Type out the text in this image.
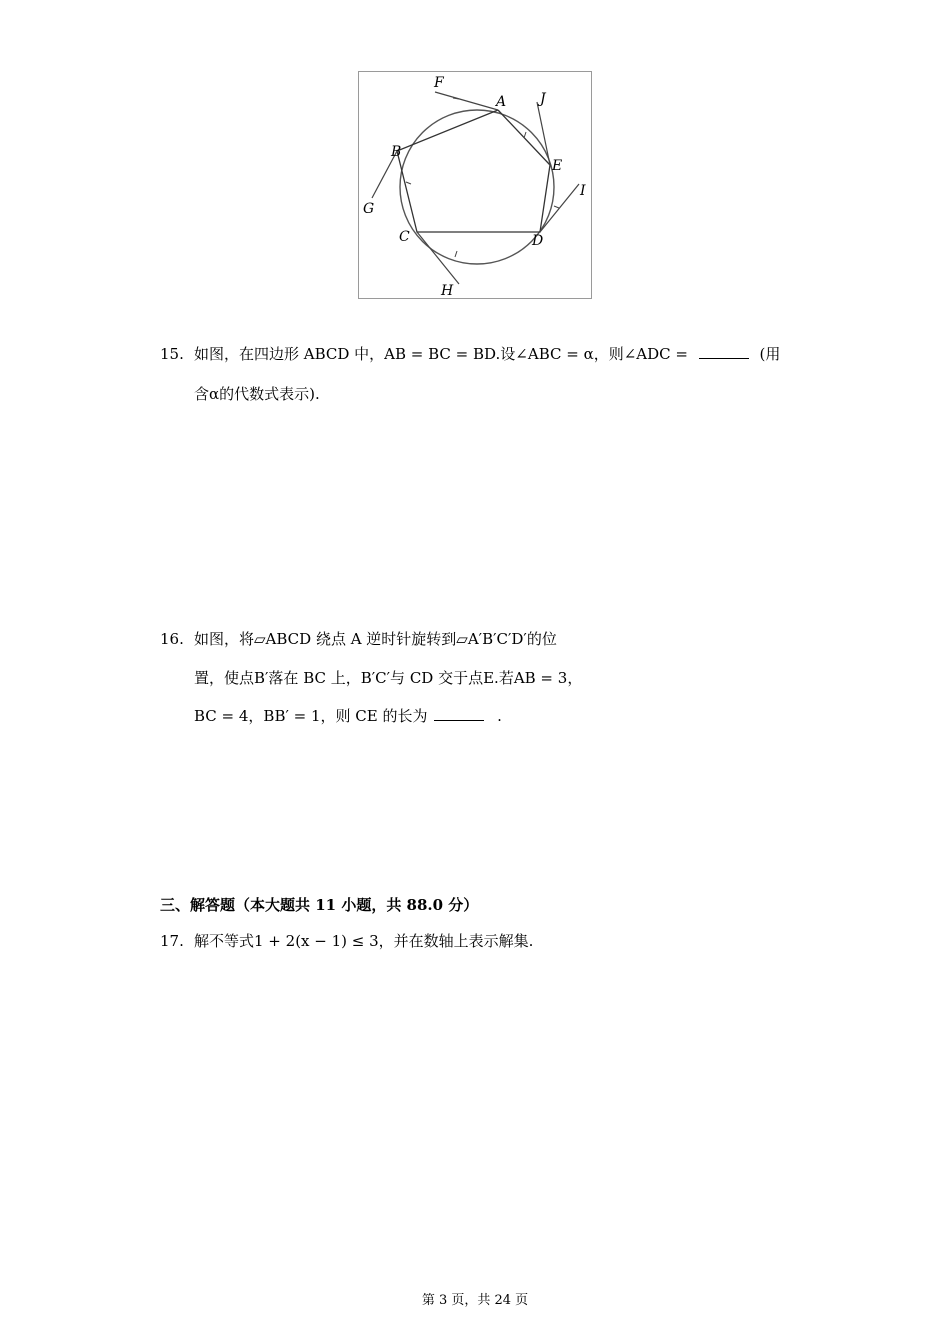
F
A J
B
E
I
G
C	D
H
15. 如图，在四边形 ABCD 中，AB = BC = BD.设∠ABC = α，则∠ADC =	(用
含α的代数式表示).
16. 如图，将▱ABCD 绕点 A 逆时针旋转到▱A′B′C′D′的位
置，使点B′落在 BC 上，B′C′与 CD 交于点E.若AB = 3，
BC = 4，BB′ = 1，则 CE 的长为	.
三、解答题（本大题共 11 小题，共 88.0 分）
17. 解不等式1 + 2(x − 1) ≤ 3，并在数轴上表示解集.
第 3 页，共 24 页
